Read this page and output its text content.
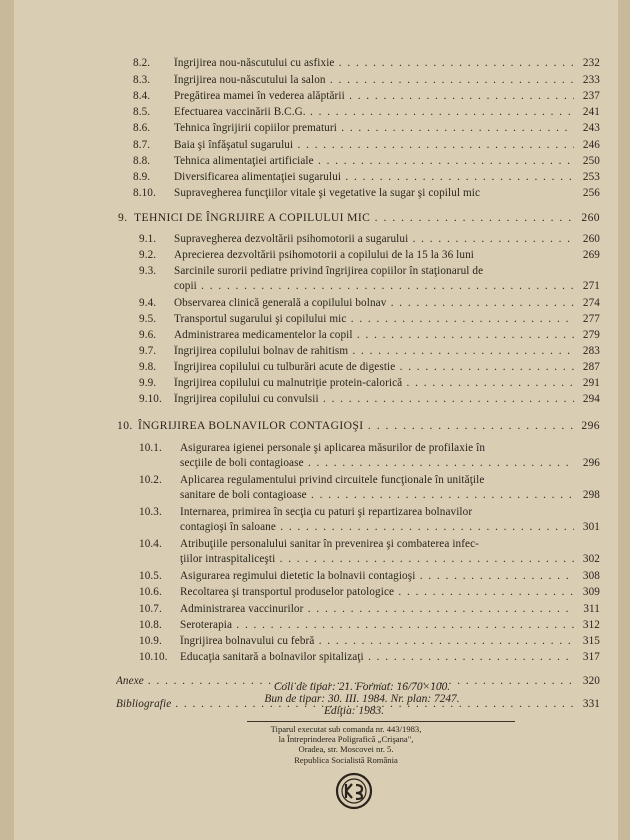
8.2. Îngrijirea nou-născutului cu asfixie . . .	232
8.3. Îngrijirea nou-născutului la salon . . .	233
8.4. Pregătirea mamei în vederea alăptării . . .	237
8.5. Efectuarea vaccinării B.C.G. . . .	241
8.6. Tehnica îngrijirii copiilor prematuri . . .	243
8.7. Baia şi înfăşatul sugarului . . .	246
8.8. Tehnica alimentaţiei artificiale . . .	250
8.9. Diversificarea alimentaţiei sugarului . . .	253
8.10. Supravegherea funcţiilor vitale şi vegetative la sugar şi copilul mic	256
9. TEHNICI DE ÎNGRIJIRE A COPILULUI MIC . . .	260
9.1. Supravegherea dezvoltării psihomotorii a sugarului . . .	260
9.2. Aprecierea dezvoltării psihomotorii a copilului de la 15 la 36 luni	269
9.3. Sarcinile surorii pediatre privind îngrijirea copiilor în staţionarul de
copii . . .	271
9.4. Observarea clinică generală a copilului bolnav . . .	274
9.5. Transportul sugarului şi copilului mic . . .	277
9.6. Administrarea medicamentelor la copil . . .	279
9.7. Îngrijirea copilului bolnav de rahitism . . .	283
9.8. Îngrijirea copilului cu tulburări acute de digestie . . .	287
9.9. Îngrijirea copilului cu malnutriţie protein-calorică . . .	291
9.10. Îngrijirea copilului cu convulsii . . .	294
10. ÎNGRIJIREA BOLNAVILOR CONTAGIOŞI . . .	296
10.1. Asigurarea igienei personale şi aplicarea măsurilor de profilaxie în
secţiile de boli contagioase . . .	296
10.2. Aplicarea regulamentului privind circuitele funcţionale în unităţile
sanitare de boli contagioase . . .	298
10.3. Internarea, primirea în secţia cu paturi şi repartizarea bolnavilor
contagioşi în saloane . . .	301
10.4. Atribuţiile personalului sanitar în prevenirea şi combaterea infec-
ţiilor intraspitaliceşti . . .	302
10.5. Asigurarea regimului dietetic la bolnavii contagioşi . . .	308
10.6. Recoltarea şi transportul produselor patologice . . .	309
10.7. Administrarea vaccinurilor . . .	311
10.8. Seroterapia . . .	312
10.9. Îngrijirea bolnavului cu febră . . .	315
10.10. Educaţia sanitară a bolnavilor spitalizaţi . . .	317
Anexe . . .	320
Bibliografie . . .	331
Coli de tipar: 21. Format: 16/70×100.
Bun de tipar: 30. III. 1984. Nr. plan: 7247.
Ediţia: 1983.
Tiparul executat sub comanda nr. 443/1983,
la Întreprinderea Poligrafică „Crişana",
Oradea, str. Moscovei nr. 5.
Republica Socialistă România
